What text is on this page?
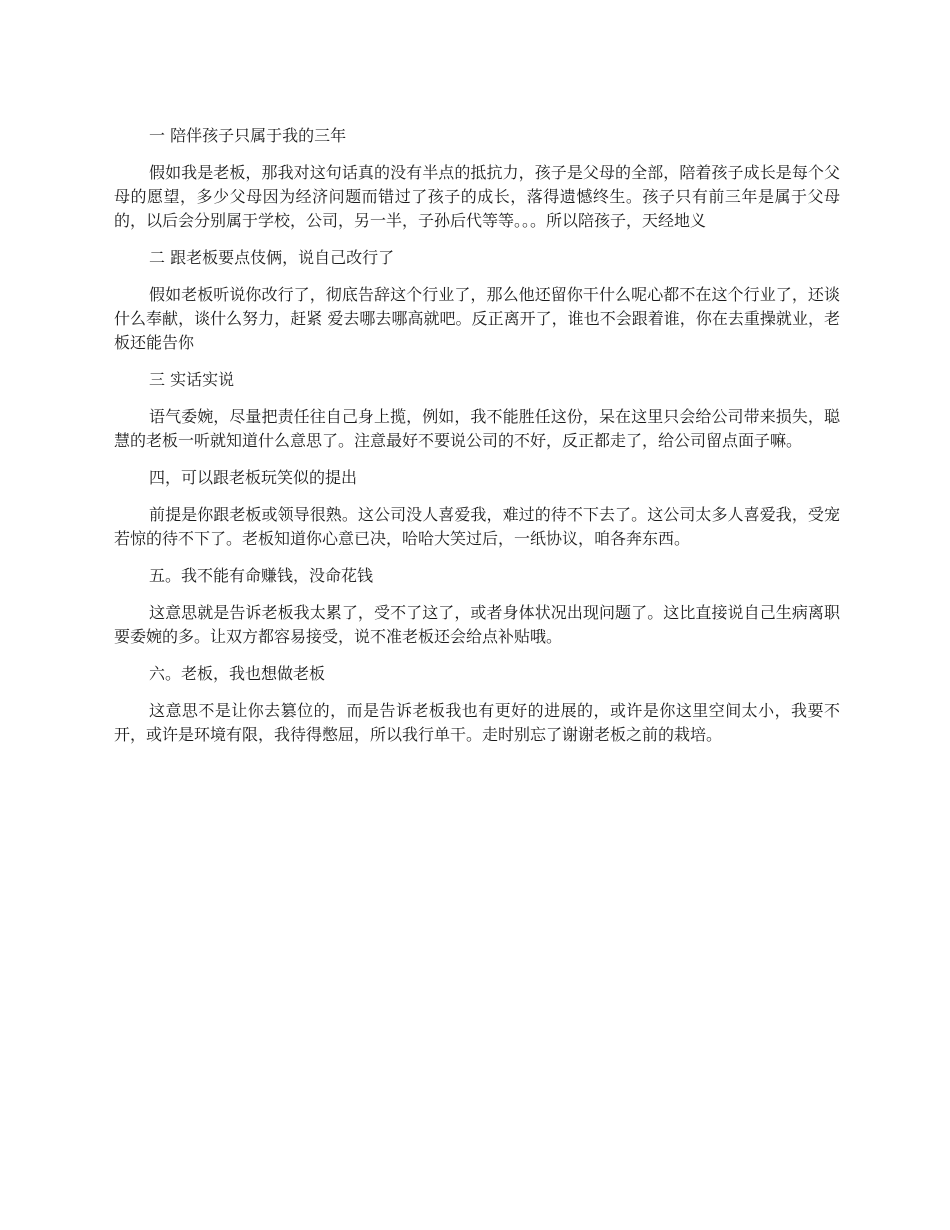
一 陪伴孩子只属于我的三年

假如我是老板，那我对这句话真的没有半点的抵抗力，孩子是父母的全部，陪着孩子成长是每个父母的愿望，多少父母因为经济问题而错过了孩子的成长，落得遗憾终生。孩子只有前三年是属于父母的，以后会分别属于学校，公司，另一半，子孙后代等等。。。所以陪孩子，天经地义

二 跟老板要点伎俩，说自己改行了

假如老板听说你改行了，彻底告辞这个行业了，那么他还留你干什么呢心都不在这个行业了，还谈什么奉献，谈什么努力，赶紧 爱去哪去哪高就吧。反正离开了，谁也不会跟着谁，你在去重操就业，老板还能告你

三 实话实说

语气委婉，尽量把责任往自己身上揽，例如，我不能胜任这份，呆在这里只会给公司带来损失，聪慧的老板一听就知道什么意思了。注意最好不要说公司的不好，反正都走了，给公司留点面子嘛。

四，可以跟老板玩笑似的提出

前提是你跟老板或领导很熟。这公司没人喜爱我，难过的待不下去了。这公司太多人喜爱我，受宠若惊的待不下了。老板知道你心意已决，哈哈大笑过后，一纸协议，咱各奔东西。

五。我不能有命赚钱，没命花钱

这意思就是告诉老板我太累了，受不了这了，或者身体状况出现问题了。这比直接说自己生病离职要委婉的多。让双方都容易接受，说不准老板还会给点补贴哦。

六。老板，我也想做老板

这意思不是让你去篡位的，而是告诉老板我也有更好的进展的，或许是你这里空间太小，我要不开，或许是环境有限，我待得憋屈，所以我行单干。走时别忘了谢谢老板之前的栽培。
